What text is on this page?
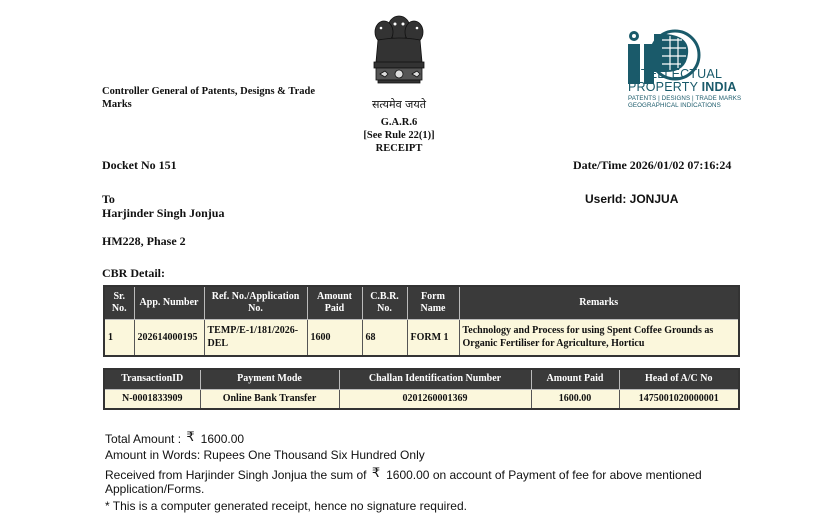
Controller General of Patents, Designs & Trade Marks	सत्यमेव जयते
G.A.R.6
[See Rule 22(1)]
RECEIPT
INTELLECTUAL
PROPERTY INDIA
PATENTS | DESIGNS | TRADE MARKS
GEOGRAPHICAL INDICATIONS
Docket No 151	Date/Time 2026/01/02 07:16:24
To
Harjinder Singh Jonjua
UserId: JONJUA
HM228, Phase 2
CBR Detail:
Sr. No.	App. Number	Ref. No./Application No.	Amount Paid	C.B.R. No.	Form Name	Remarks
1	202614000195	TEMP/E-1/181/2026-DEL	1600	68	FORM 1	Technology and Process for using Spent Coffee Grounds as Organic Fertiliser for Agriculture, Horticu
TransactionID	Payment Mode	Challan Identification Number	Amount Paid	Head of A/C No
N-0001833909	Online Bank Transfer	0201260001369	1600.00	1475001020000001
Total Amount : ₹ 1600.00
Amount in Words: Rupees One Thousand Six Hundred Only
Received from Harjinder Singh Jonjua the sum of ₹ 1600.00 on account of Payment of fee for above mentioned Application/Forms.
* This is a computer generated receipt, hence no signature required.
